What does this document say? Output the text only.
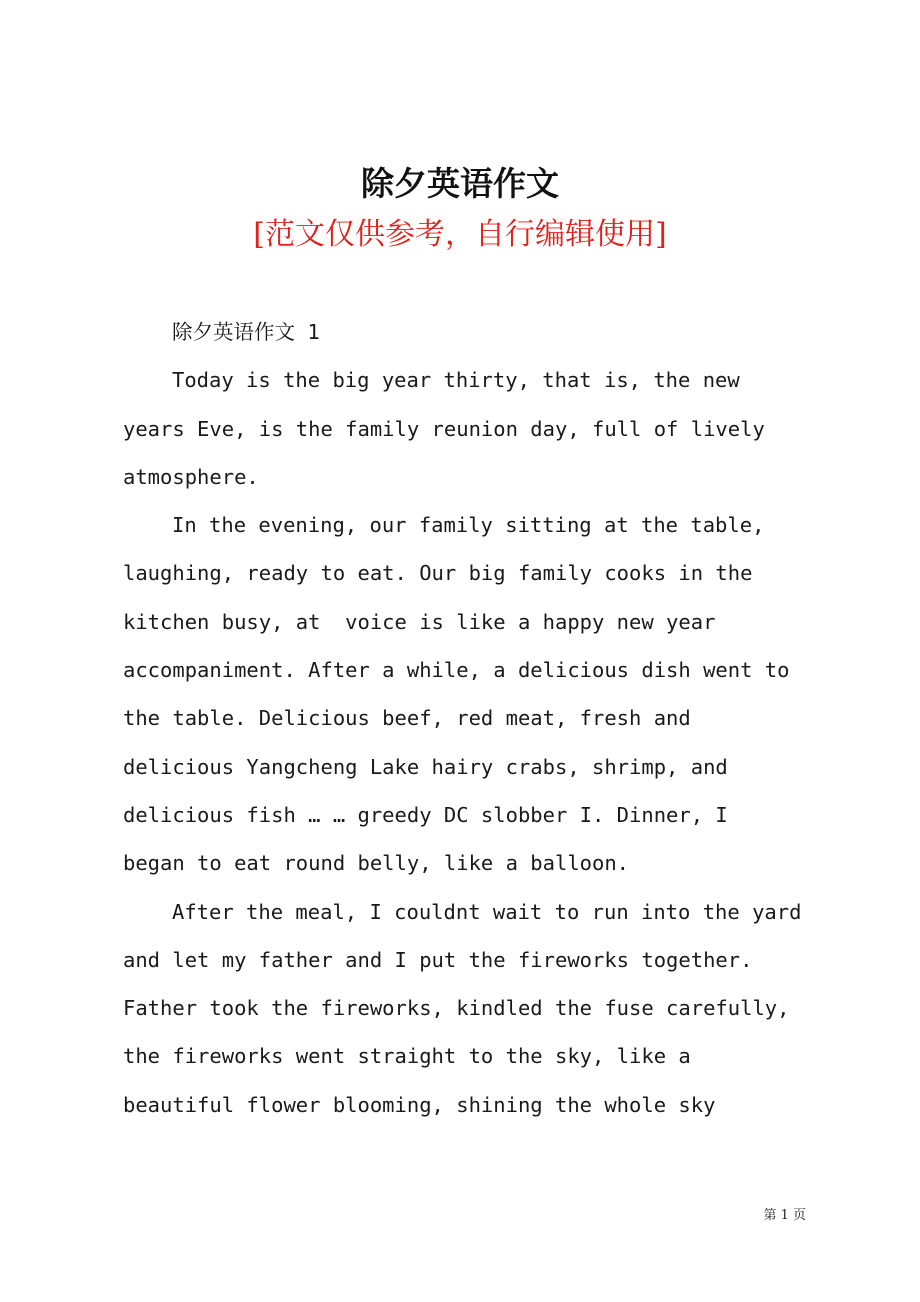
除夕英语作文
[范文仅供参考，自行编辑使用]
除夕英语作文 1
Today is the big year thirty, that is, the new
years Eve, is the family reunion day, full of lively
atmosphere.
In the evening, our family sitting at the table,
laughing, ready to eat. Our big family cooks in the
kitchen busy, at  voice is like a happy new year
accompaniment. After a while, a delicious dish went to
the table. Delicious beef, red meat, fresh and
delicious Yangcheng Lake hairy crabs, shrimp, and
delicious fish … … greedy DC slobber I. Dinner, I
began to eat round belly, like a balloon.
After the meal, I couldnt wait to run into the yard
and let my father and I put the fireworks together.
Father took the fireworks, kindled the fuse carefully,
the fireworks went straight to the sky, like a
beautiful flower blooming, shining the whole sky
第 1 页
